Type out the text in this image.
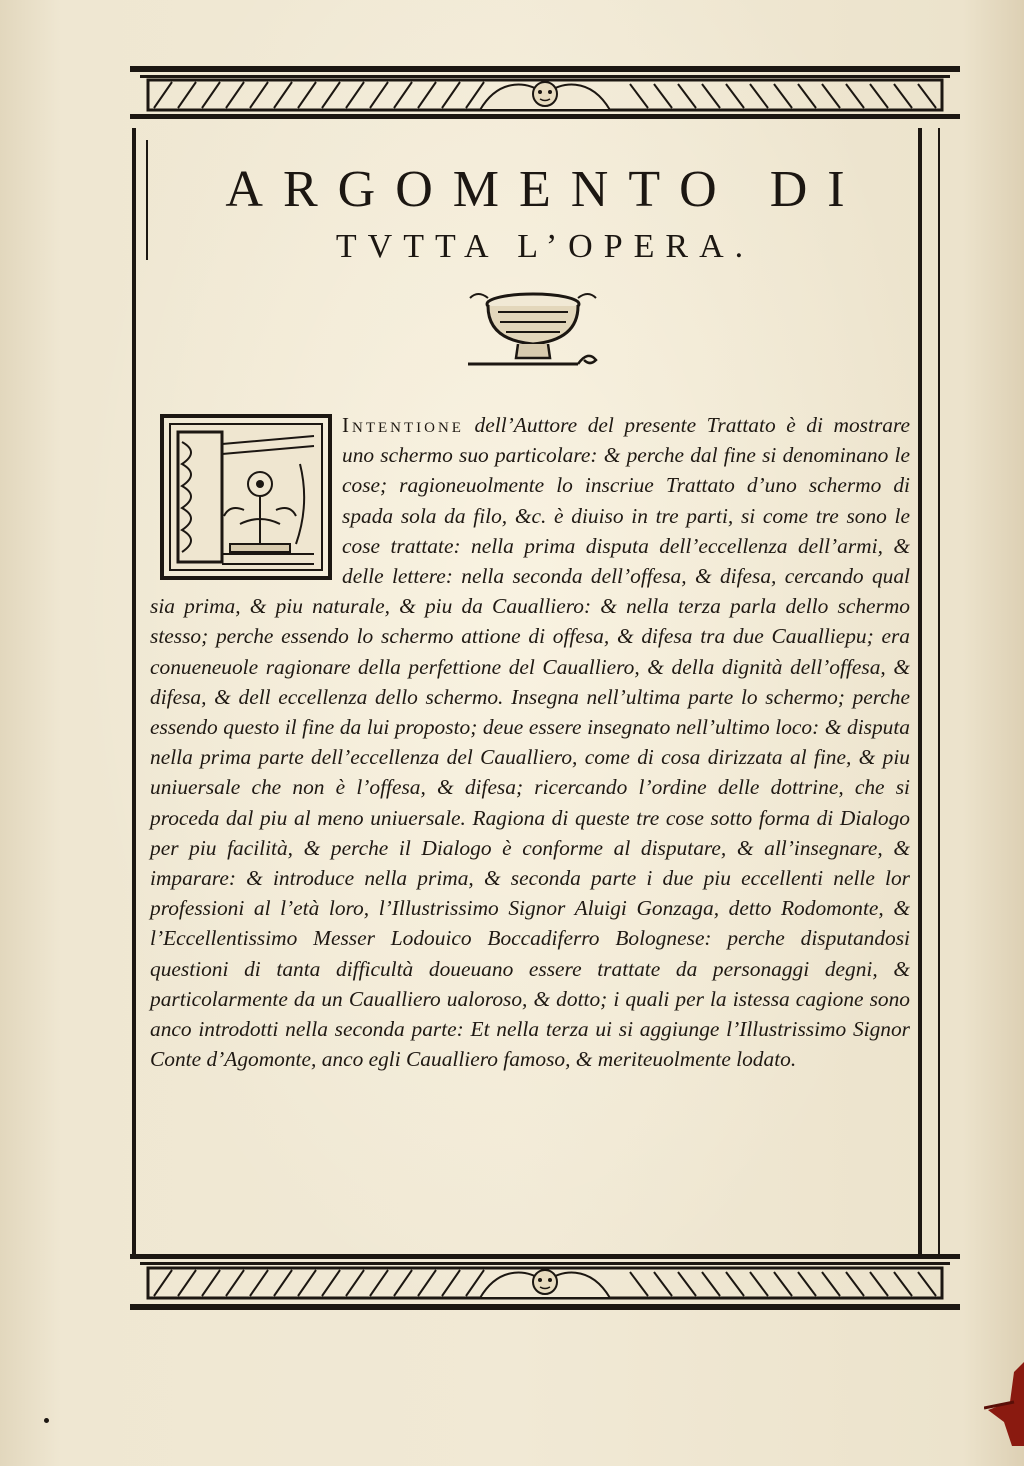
ARGOMENTO DI
TVTTA L’OPERA.
Intentione dell’Auttore del presente Trattato è di mostrare uno schermo suo particolare: & perche dal fine si denominano le cose; ragioneuolmente lo inscriue Trattato d’uno schermo di spada sola da filo, &c. è diuiso in tre parti, si come tre sono le cose trattate: nella prima disputa dell’eccellenza dell’armi, & delle lettere: nella seconda dell’offesa, & difesa, cercando qual sia prima, & piu naturale, & piu da Caualliero: & nella terza parla dello schermo stesso; perche essendo lo schermo attione di offesa, & difesa tra due Caualliери; era conueneuole ragionare della perfettione del Caualliero, & della dignità dell’offesa, & difesa, & dell eccellenza dello schermo. Insegna nell’ultima parte lo schermo; perche essendo questo il fine da lui proposto; deue essere insegnato nell’ultimo loco: & disputa nella prima parte dell’eccellenza del Caualliero, come di cosa dirizzata al fine, & piu uniuersale che non è l’offesa, & difesa; ricercando l’ordine delle dottrine, che si proceda dal piu al meno uniuersale. Ragiona di queste tre cose sotto forma di Dialogo per piu facilità, & perche il Dialogo è conforme al disputare, & all’insegnare, & imparare: & introduce nella prima, & seconda parte i due piu eccellenti nelle lor professioni al l’età loro, l’Illustrissimo Signor Aluigi Gonzaga, detto Rodomonte, & l’Eccellentissimo Messer Lodouico Boccadiferro Bolognese: perche disputandosi questioni di tanta difficultà doueuano essere trattate da personaggi degni, & particolarmente da un Caualliero ualoroso, & dotto; i quali per la istessa cagione sono anco introdotti nella seconda parte: Et nella terza ui si aggiunge l’Illustrissimo Signor Conte d’Agomonte, anco egli Caualliero famoso, & meriteuolmente lodato.
